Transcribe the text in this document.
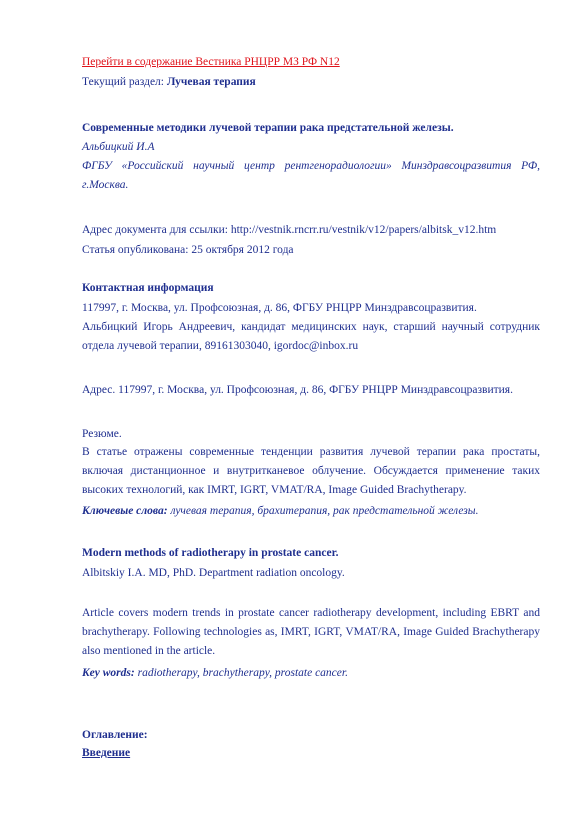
Перейти в содержание Вестника РНЦРР МЗ РФ N12
Текущий раздел: Лучевая терапия
Современные методики лучевой терапии рака предстательной железы.
Альбицкий И.А

ФГБУ «Российский научный центр рентгенорадиологии» Минздравсоцразвития РФ, г.Москва.

Адрес документа для ссылки: http://vestnik.rncrr.ru/vestnik/v12/papers/albitsk_v12.htm
Статья опубликована: 25 октября 2012 года
Контактная информация
117997, г. Москва, ул. Профсоюзная, д. 86, ФГБУ РНЦРР Минздравсоцразвития.

Альбицкий Игорь Андреевич, кандидат медицинских наук, старший научный сотрудник отдела лучевой терапии, 89161303040, igordoc@inbox.ru

Адрес. 117997, г. Москва, ул. Профсоюзная, д. 86, ФГБУ РНЦРР Минздравсоцразвития.
Резюме.

В статье отражены современные тенденции развития лучевой терапии рака простаты, включая дистанционное и внутритканевое облучение. Обсуждается применение таких высоких технологий, как IMRT, IGRT, VMAT/RA, Image Guided Brachytherapy.

Ключевые слова: лучевая терапия, брахитерапия, рак предстательной железы.
Modern methods of radiotherapy in prostate cancer.
Albitskiy I.A. MD, PhD. Department radiation oncology.

Article covers modern trends in prostate cancer radiotherapy development, including EBRT and brachytherapy. Following technologies as, IMRT, IGRT, VMAT/RA, Image Guided Brachytherapy also mentioned in the article.

Key words: radiotherapy, brachytherapy, prostate cancer.
Оглавление:
Введение
